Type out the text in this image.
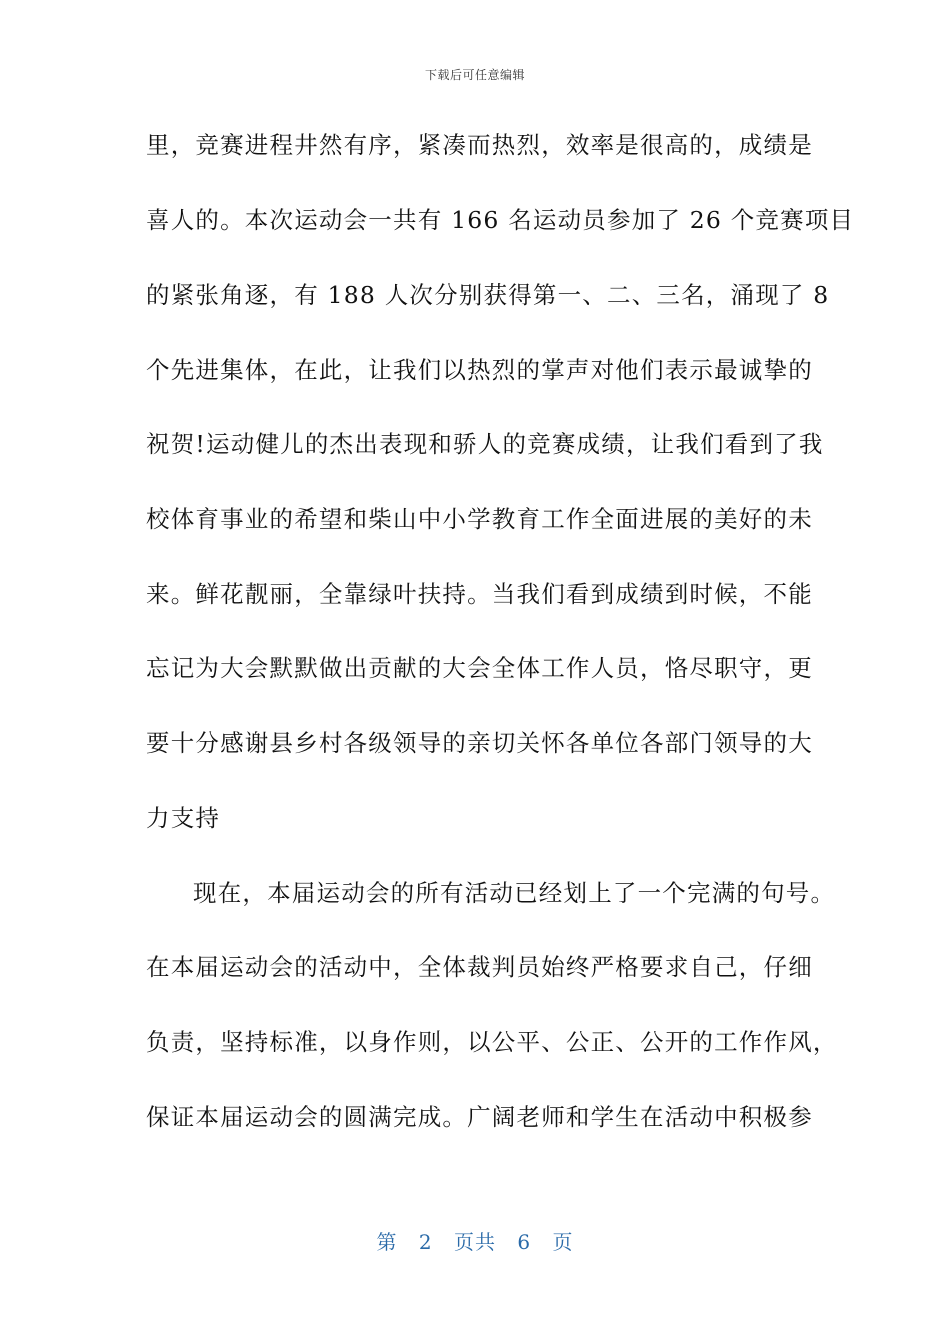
下载后可任意编辑
里，竞赛进程井然有序，紧凑而热烈，效率是很高的，成绩是
喜人的。本次运动会一共有 166 名运动员参加了 26 个竞赛项目
的紧张角逐，有 188 人次分别获得第一、二、三名，涌现了 8
个先进集体，在此，让我们以热烈的掌声对他们表示最诚挚的
祝贺!运动健儿的杰出表现和骄人的竞赛成绩，让我们看到了我
校体育事业的希望和柴山中小学教育工作全面进展的美好的未
来。鲜花靓丽，全靠绿叶扶持。当我们看到成绩到时候，不能
忘记为大会默默做出贡献的大会全体工作人员，恪尽职守，更
要十分感谢县乡村各级领导的亲切关怀各单位各部门领导的大
力支持
现在，本届运动会的所有活动已经划上了一个完满的句号。
在本届运动会的活动中，全体裁判员始终严格要求自己，仔细
负责，坚持标准，以身作则，以公平、公正、公开的工作作风，
保证本届运动会的圆满完成。广阔老师和学生在活动中积极参
第 2 页共 6 页
